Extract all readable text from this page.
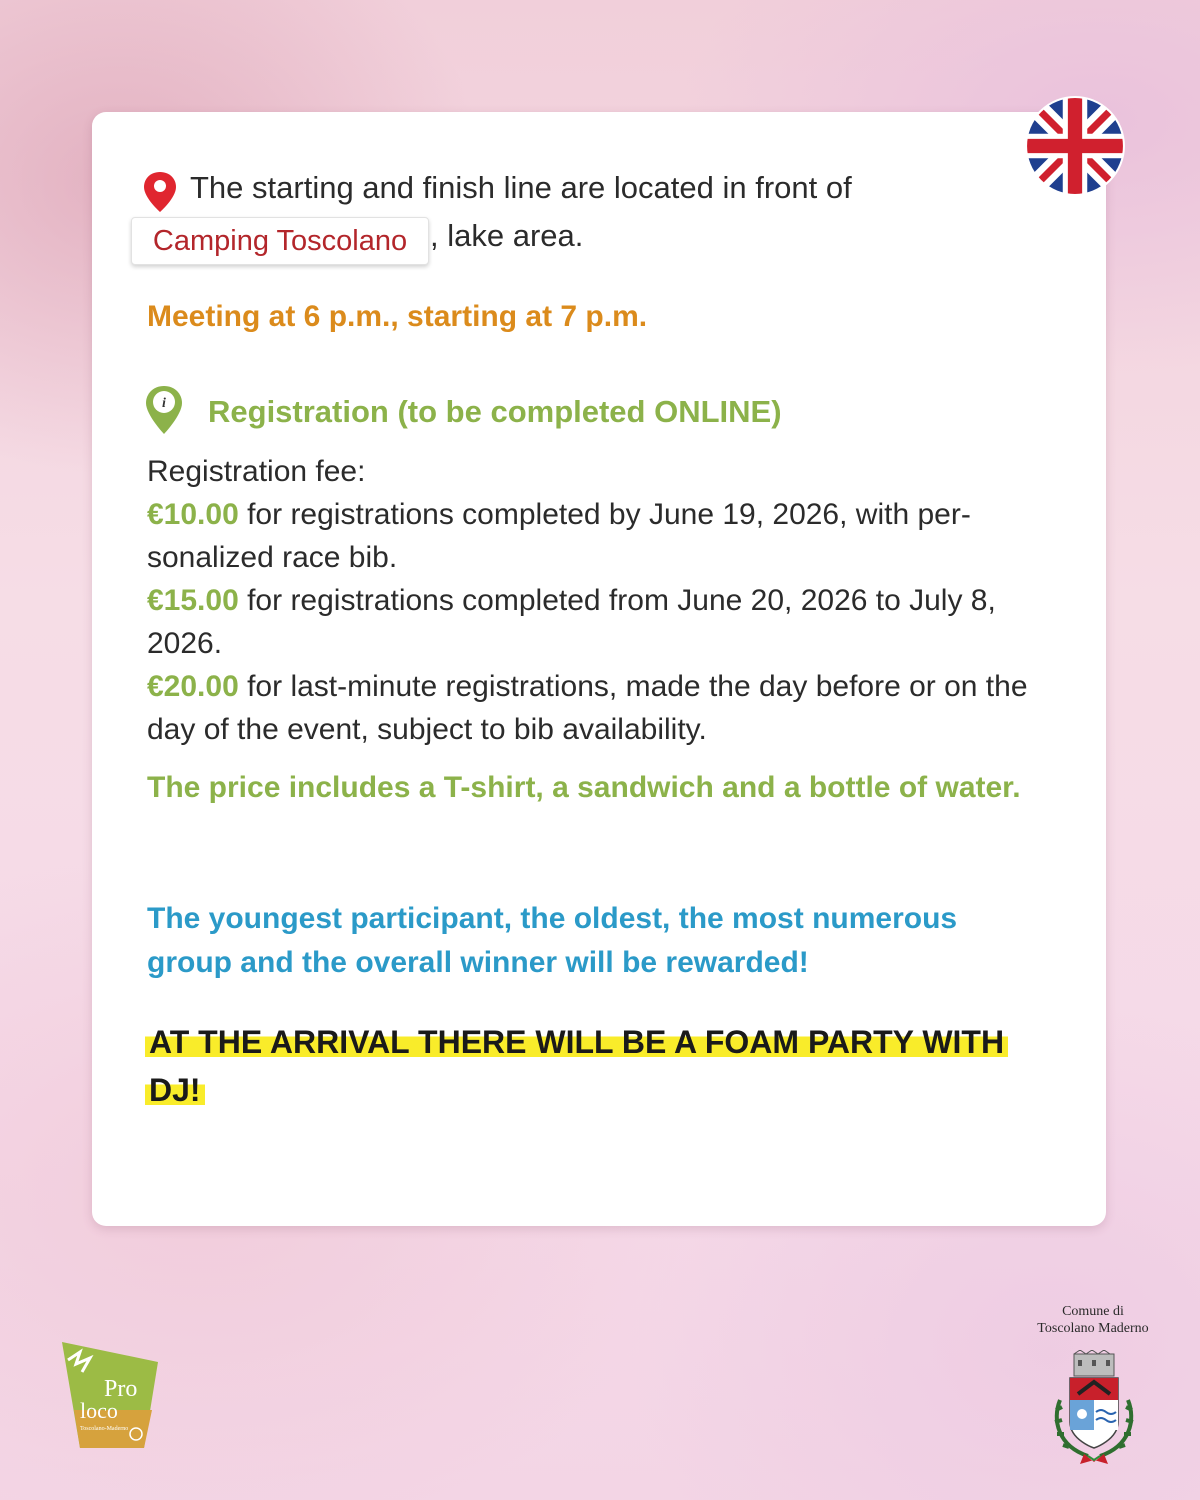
The starting and finish line are located in front of
Camping Toscolano , lake area.
Meeting at 6 p.m., starting at 7 p.m.
i Registration (to be completed ONLINE)

Registration fee:

€10.00 for registrations completed by June 19, 2026, with per-sonalized race bib.

€15.00 for registrations completed from June 20, 2026 to July 8, 2026.

€20.00 for last-minute registrations, made the day before or on the day of the event, subject to bib availability.

The price includes a T-shirt, a sandwich and a bottle of water.
The youngest participant, the oldest, the most numerous group and the overall winner will be rewarded!
AT THE ARRIVAL THERE WILL BE A FOAM PARTY WITH DJ!
Pro
loco
Toscolano-Maderno
Comune di
Toscolano Maderno
